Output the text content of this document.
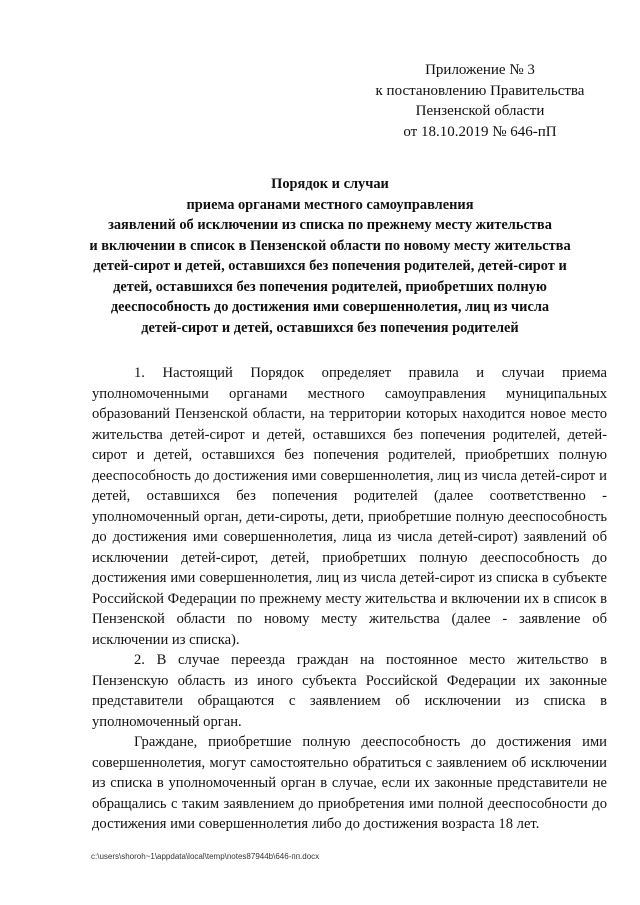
Приложение № 3
к постановлению Правительства
Пензенской области
от 18.10.2019 № 646-пП
Порядок и случаи
приема органами местного самоуправления
заявлений об исключении из списка по прежнему месту жительства
и включении в список в Пензенской области по новому месту жительства
детей-сирот и детей, оставшихся без попечения родителей, детей-сирот и
детей, оставшихся без попечения родителей, приобретших полную
дееспособность до достижения ими совершеннолетия, лиц из числа
детей-сирот и детей, оставшихся без попечения родителей

1. Настоящий Порядок определяет правила и случаи приема уполномоченными органами местного самоуправления муниципальных образований Пензенской области, на территории которых находится новое место жительства детей-сирот и детей, оставшихся без попечения родителей, детей-сирот и детей, оставшихся без попечения родителей, приобретших полную дееспособность до достижения ими совершеннолетия, лиц из числа детей-сирот и детей, оставшихся без попечения родителей (далее соответственно - уполномоченный орган, дети-сироты, дети, приобретшие полную дееспособность до достижения ими совершеннолетия, лица из числа детей-сирот) заявлений об исключении детей-сирот, детей, приобретших полную дееспособность до достижения ими совершеннолетия, лиц из числа детей-сирот из списка в субъекте Российской Федерации по прежнему месту жительства и включении их в список в Пензенской области по новому месту жительства (далее - заявление об исключении из списка).

2. В случае переезда граждан на постоянное место жительство в Пензенскую область из иного субъекта Российской Федерации их законные представители обращаются с заявлением об исключении из списка в уполномоченный орган.

Граждане, приобретшие полную дееспособность до достижения ими совершеннолетия, могут самостоятельно обратиться с заявлением об исключении из списка в уполномоченный орган в случае, если их законные представители не обращались с таким заявлением до приобретения ими полной дееспособности до достижения ими совершеннолетия либо до достижения возраста 18 лет.

c:\users\shoroh~1\appdata\local\temp\notes87944b\646-пп.docx
